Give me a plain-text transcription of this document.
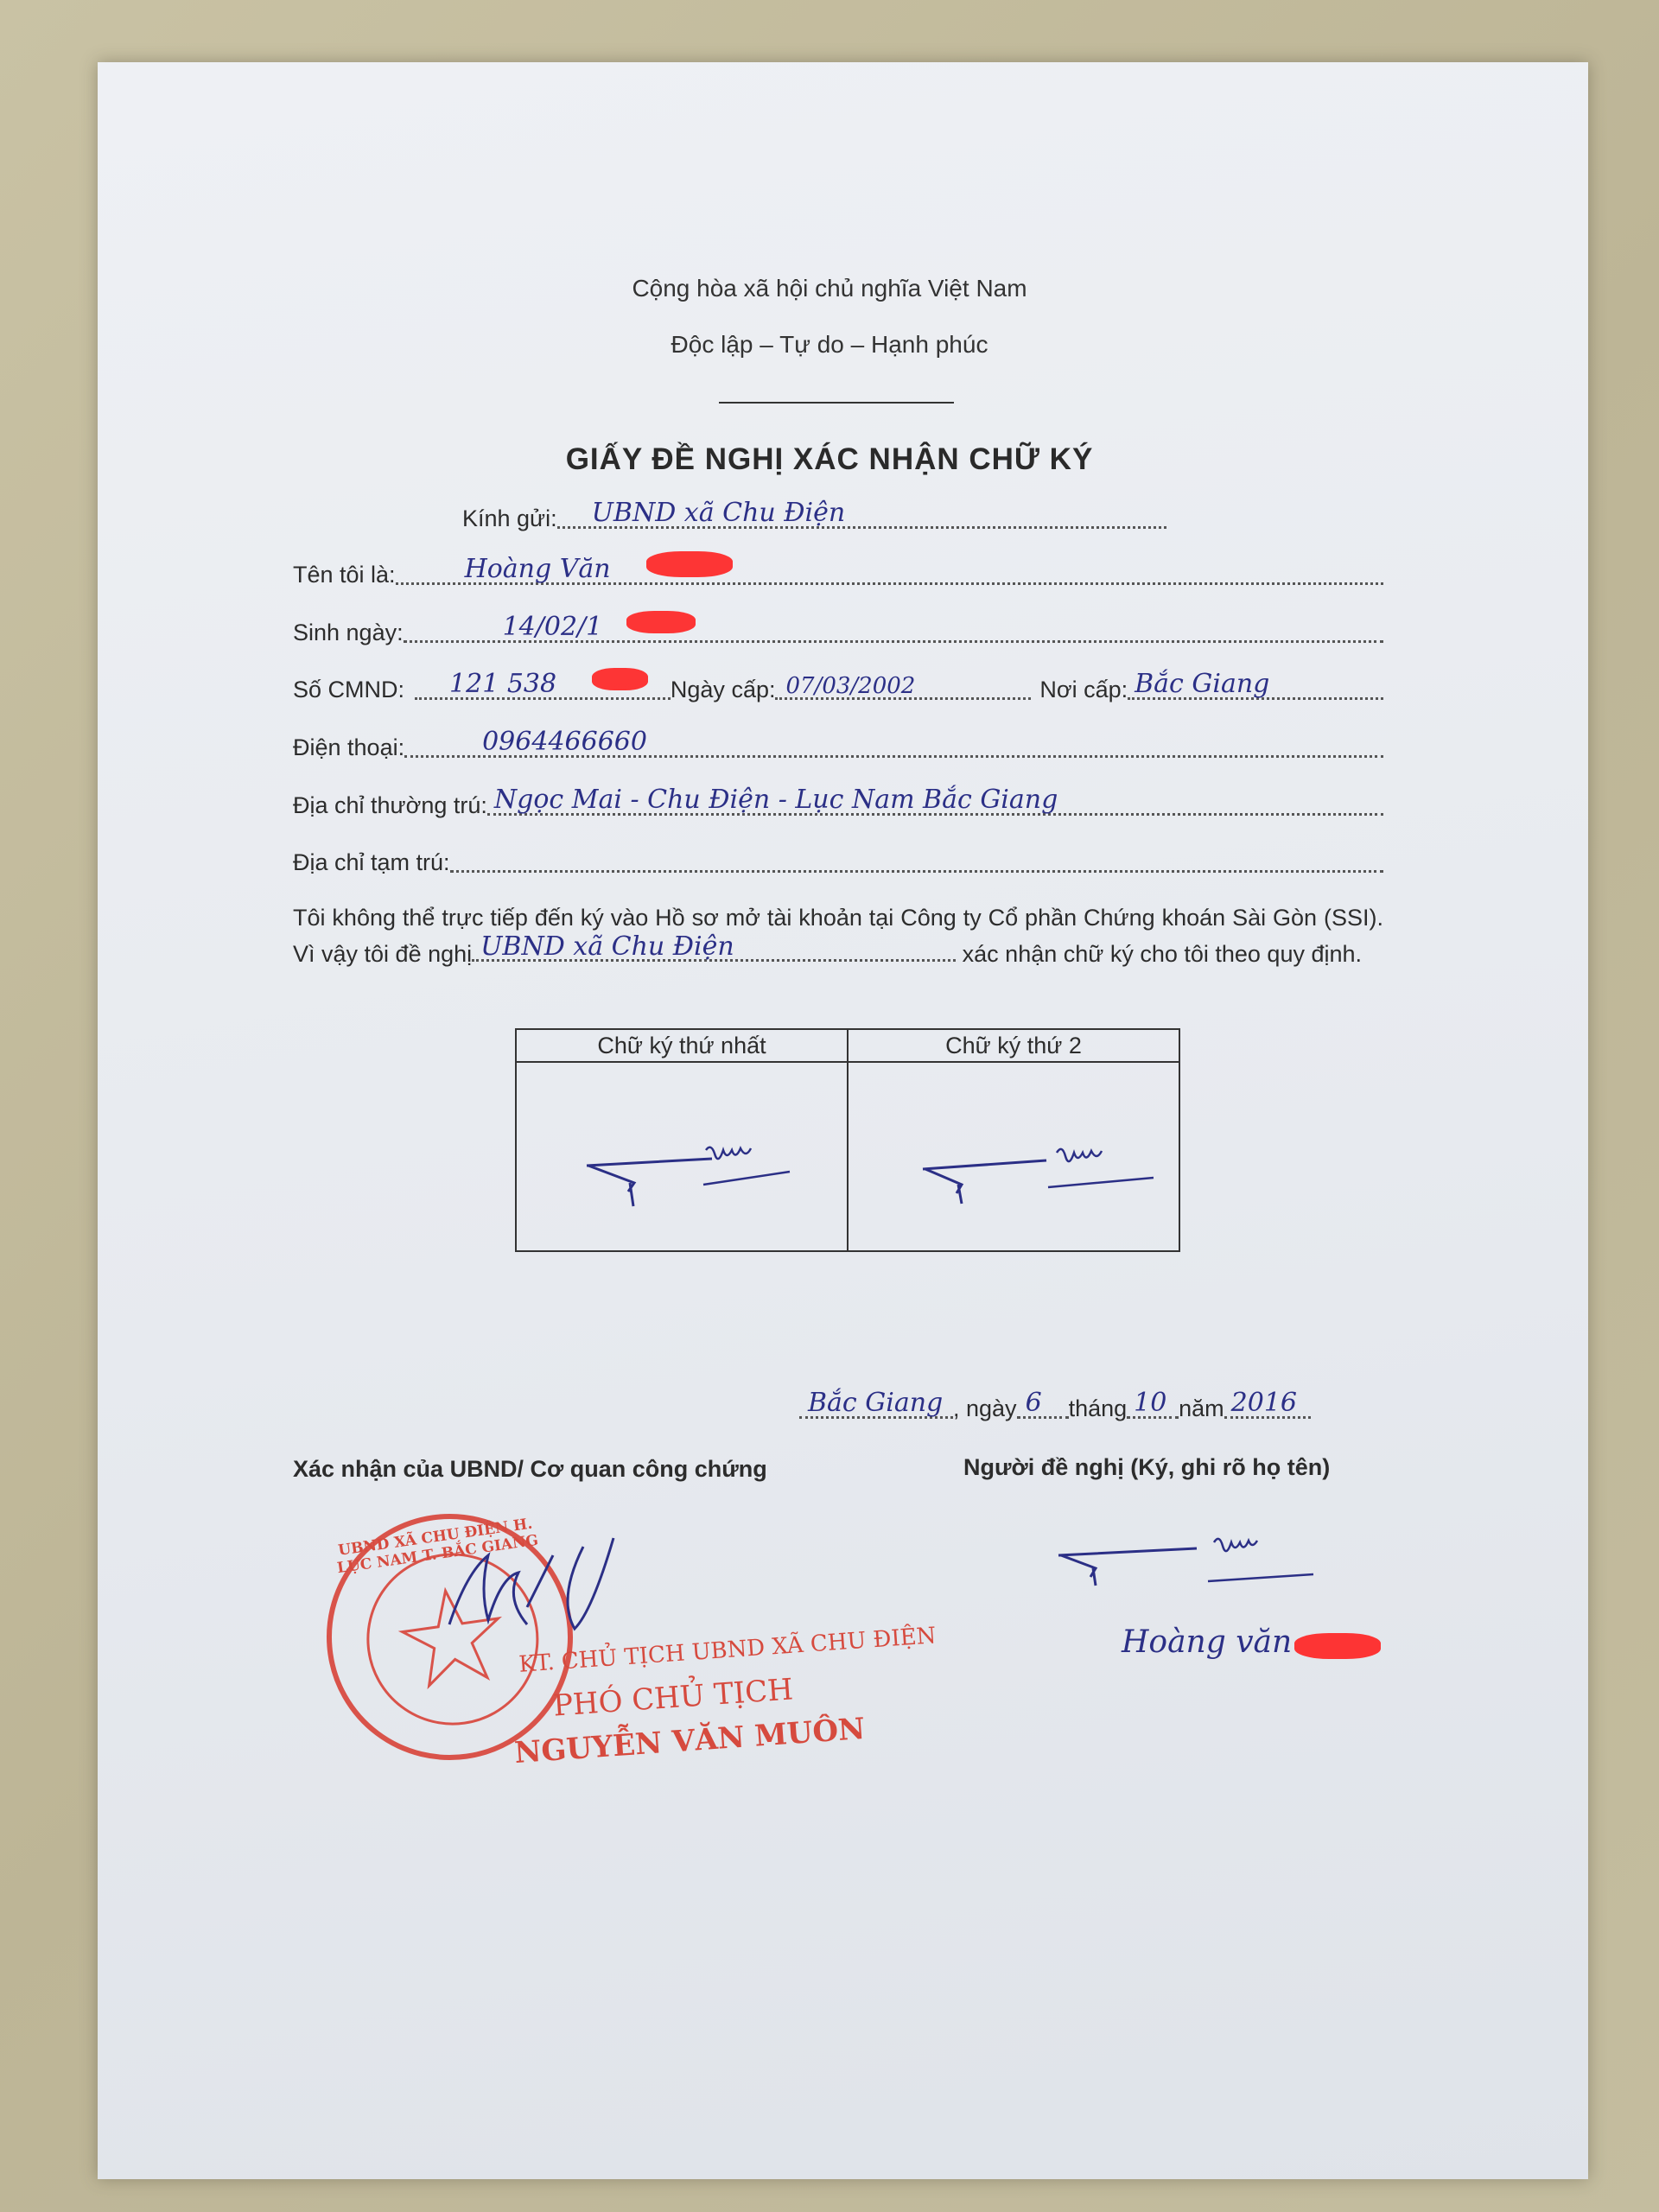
Cộng hòa xã hội chủ nghĩa Việt Nam
Độc lập – Tự do – Hạnh phúc
GIẤY ĐỀ NGHỊ XÁC NHẬN CHỮ KÝ
Kính gửi: UBND xã Chu Điện
Tên tôi là:	Hoàng Văn
Sinh ngày:	14/02/1
Số CMND: 121 538	Ngày cấp: 07/03/2002	Nơi cấp: Bắc Giang
Điện thoại:	0964466660
Địa chỉ thường trú: Ngọc Mai - Chu Điện - Lục Nam Bắc Giang
Địa chỉ tạm trú:
Tôi không thể trực tiếp đến ký vào Hồ sơ mở tài khoản tại Công ty Cổ phần Chứng khoán Sài Gòn (SSI). Vì vậy tôi đề nghị UBND xã Chu Điện	xác nhận chữ ký cho tôi theo quy định.
Chữ ký thứ nhất	Chữ ký thứ 2

Bắc Giang , ngày 6 tháng 10 năm 2016
Xác nhận của UBND/ Cơ quan công chứng	Người đề nghị (Ký, ghi rõ họ tên)
Hoàng văn
UBND XÃ CHU ĐIỆN H. LỤC NAM T. BẮC GIANG
KT. CHỦ TỊCH UBND XÃ CHU ĐIỆN
PHÓ CHỦ TỊCH
NGUYỄN VĂN MUÔN
